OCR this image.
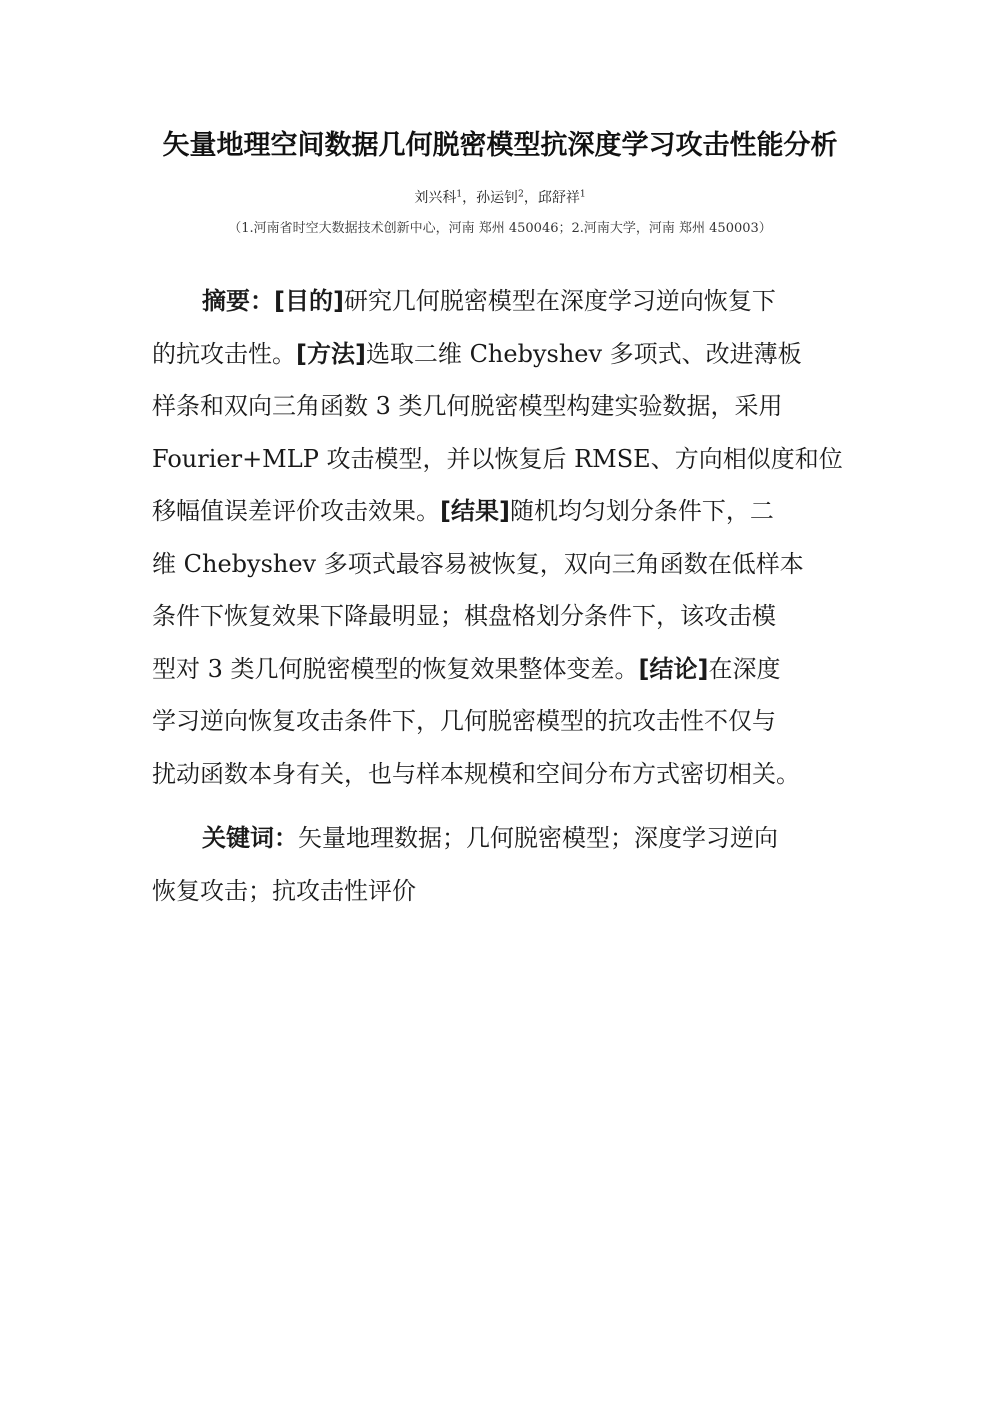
矢量地理空间数据几何脱密模型抗深度学习攻击性能分析
刘兴科$^1$，孙运钊$^2$，邱舒祥$^1$
（1.河南省时空大数据技术创新中心，河南 郑州 450046；2.河南大学，河南 郑州 450003）
摘要：[目的]研究几何脱密模型在深度学习逆向恢复下
的抗攻击性。[方法]选取二维 Chebyshev 多项式、改进薄板
样条和双向三角函数 3 类几何脱密模型构建实验数据，采用
Fourier+MLP 攻击模型，并以恢复后 RMSE、方向相似度和位
移幅值误差评价攻击效果。[结果]随机均匀划分条件下，二
维 Chebyshev 多项式最容易被恢复，双向三角函数在低样本
条件下恢复效果下降最明显；棋盘格划分条件下，该攻击模
型对 3 类几何脱密模型的恢复效果整体变差。[结论]在深度
学习逆向恢复攻击条件下，几何脱密模型的抗攻击性不仅与
扰动函数本身有关，也与样本规模和空间分布方式密切相关。
关键词：矢量地理数据；几何脱密模型；深度学习逆向
恢复攻击；抗攻击性评价
